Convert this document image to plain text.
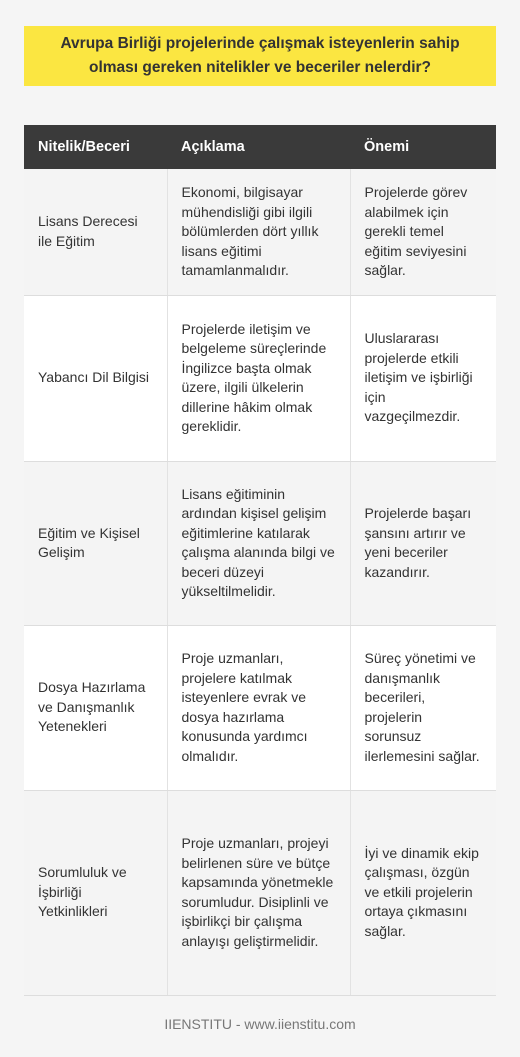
Avrupa Birliği projelerinde çalışmak isteyenlerin sahip olması gereken nitelikler ve beceriler nelerdir?
Nitelik/Beceri	Açıklama	Önemi
Lisans Derecesi ile Eğitim	Ekonomi, bilgisayar mühendisliği gibi ilgili bölümlerden dört yıllık lisans eğitimi tamamlanmalıdır.	Projelerde görev alabilmek için gerekli temel eğitim seviyesini sağlar.
Yabancı Dil Bilgisi	Projelerde iletişim ve belgeleme süreçlerinde İngilizce başta olmak üzere, ilgili ülkelerin dillerine hâkim olmak gereklidir.	Uluslararası projelerde etkili iletişim ve işbirliği için vazgeçilmezdir.
Eğitim ve Kişisel Gelişim	Lisans eğitiminin ardından kişisel gelişim eğitimlerine katılarak çalışma alanında bilgi ve beceri düzeyi yükseltilmelidir.	Projelerde başarı şansını artırır ve yeni beceriler kazandırır.
Dosya Hazırlama ve Danışmanlık Yetenekleri	Proje uzmanları, projelere katılmak isteyenlere evrak ve dosya hazırlama konusunda yardımcı olmalıdır.	Süreç yönetimi ve danışmanlık becerileri, projelerin sorunsuz ilerlemesini sağlar.
Sorumluluk ve İşbirliği Yetkinlikleri	Proje uzmanları, projeyi belirlenen süre ve bütçe kapsamında yönetmekle sorumludur. Disiplinli ve işbirlikçi bir çalışma anlayışı geliştirmelidir.	İyi ve dinamik ekip çalışması, özgün ve etkili projelerin ortaya çıkmasını sağlar.
IIENSTITU - www.iienstitu.com
